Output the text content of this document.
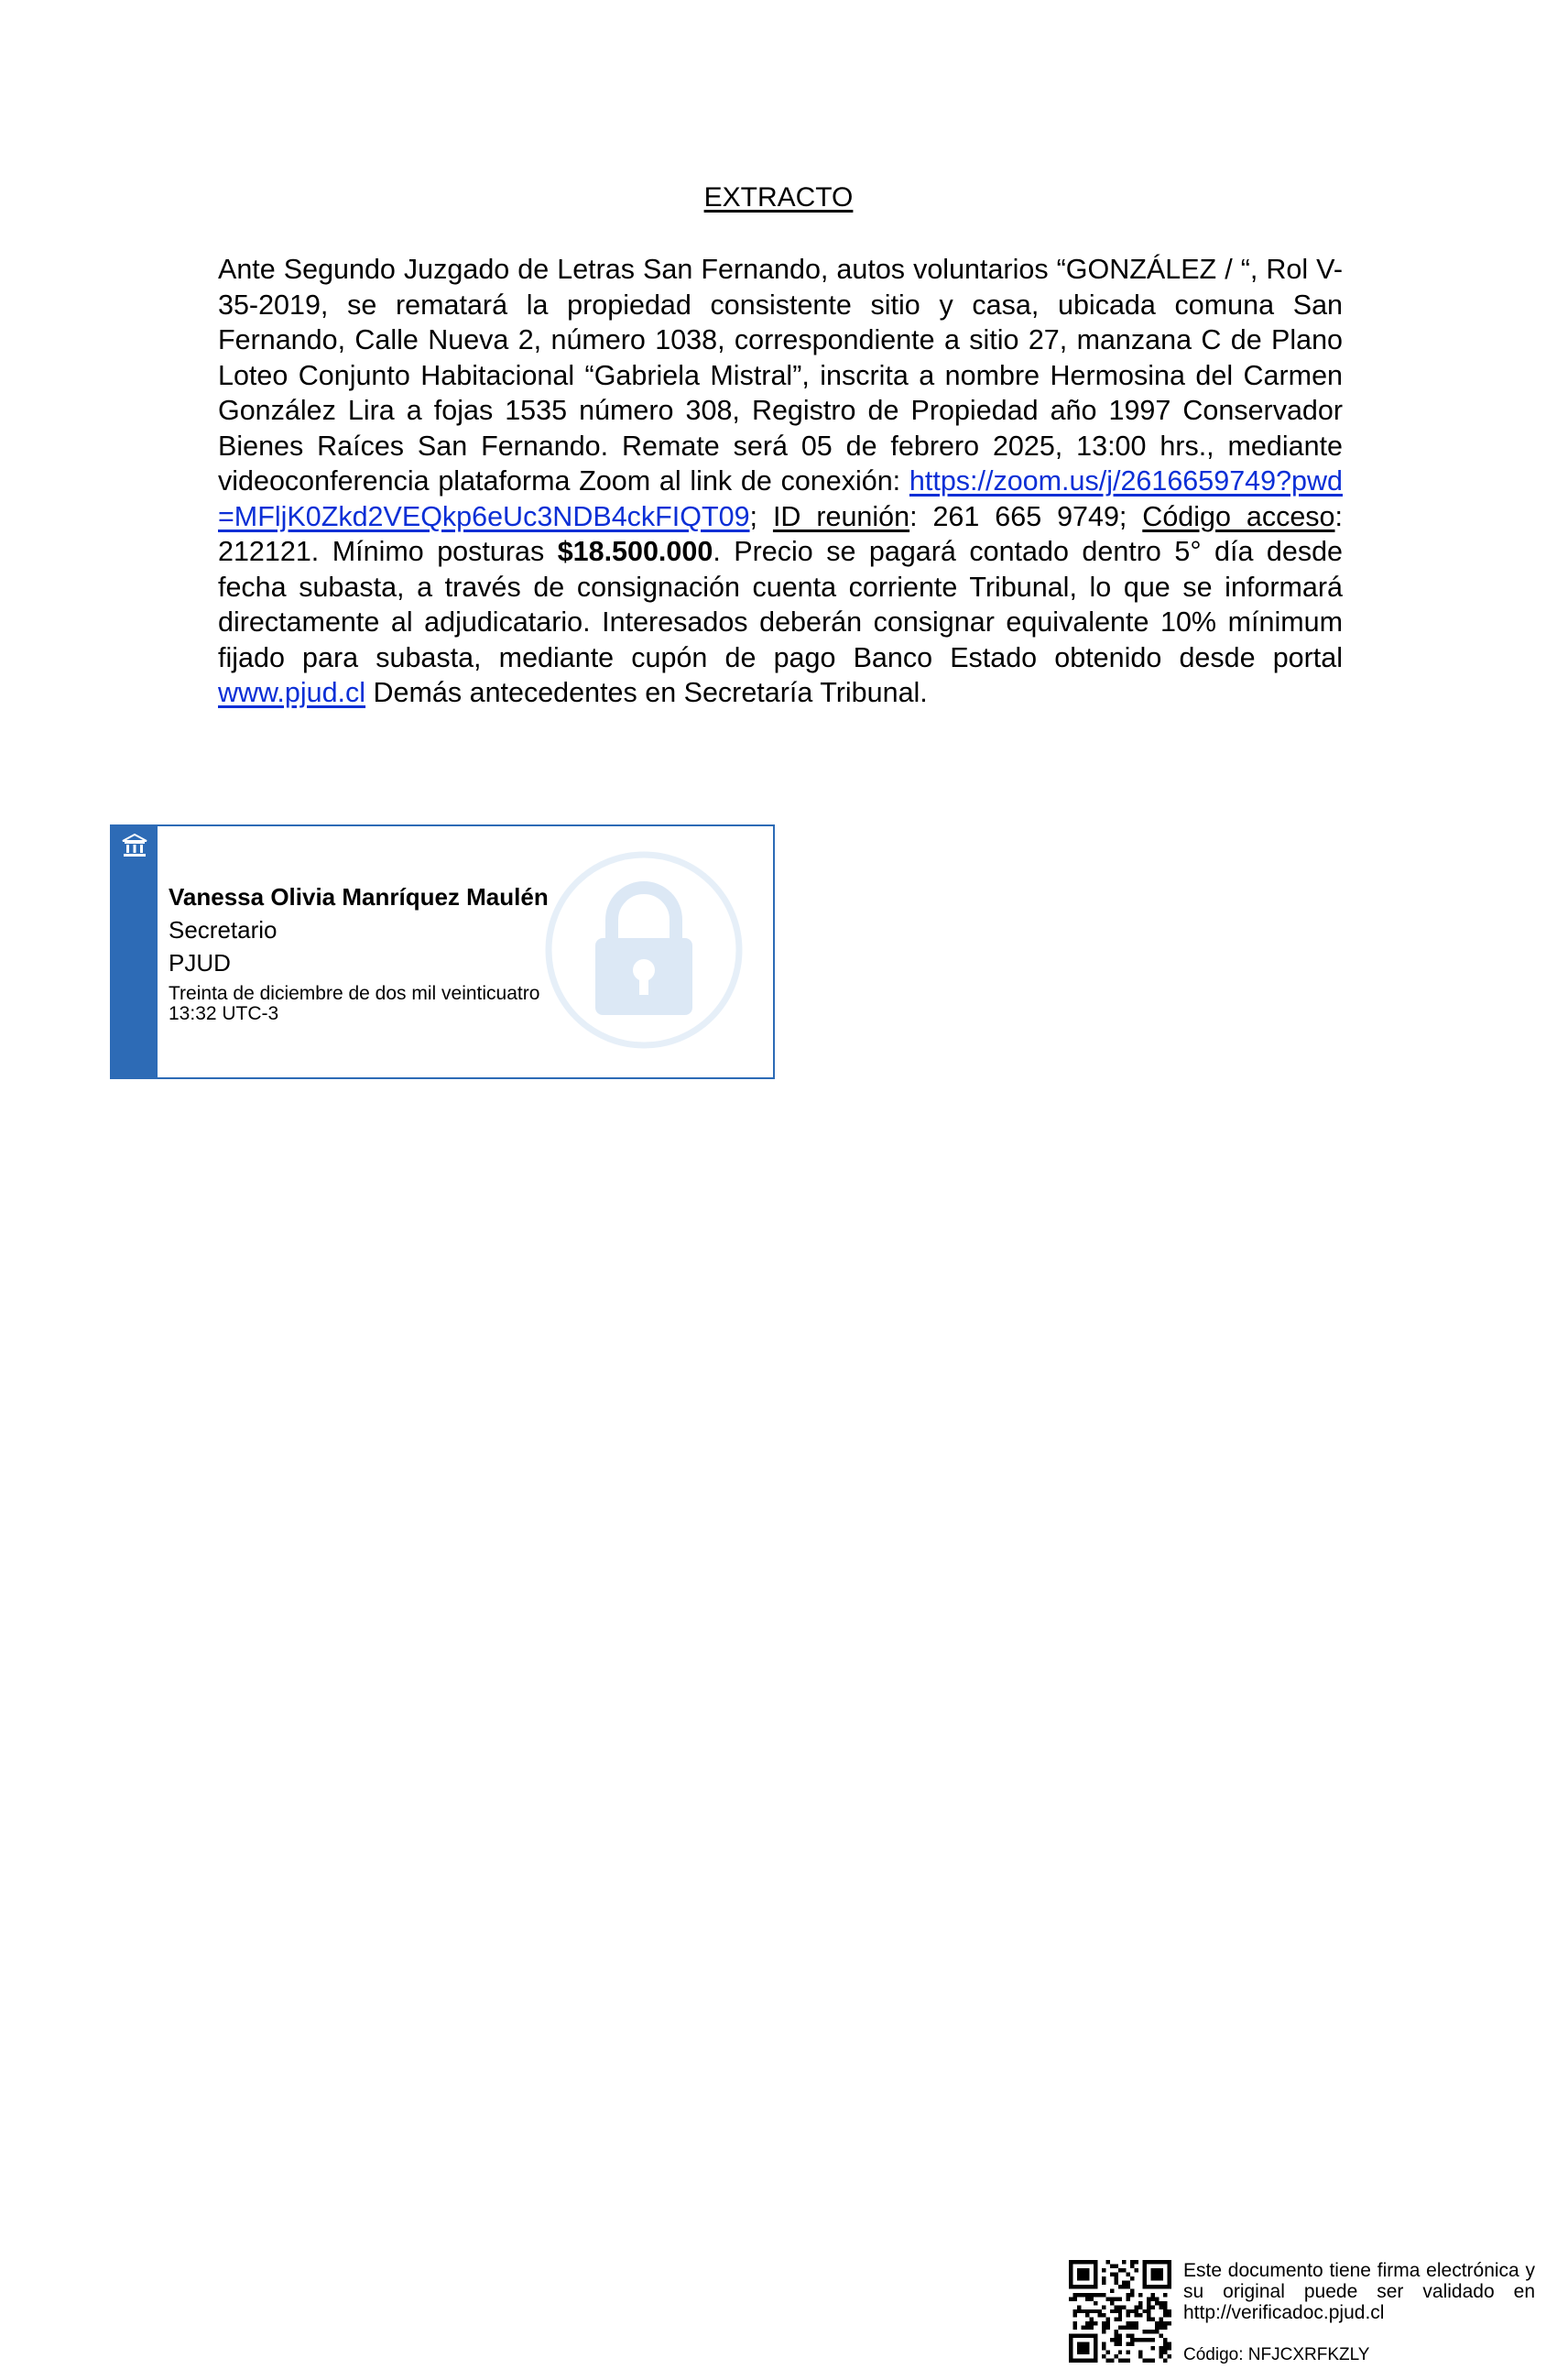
EXTRACTO
Ante Segundo Juzgado de Letras San Fernando, autos voluntarios “GONZÁLEZ / “, Rol V-35-2019, se rematará la propiedad consistente sitio y casa, ubicada comuna San Fernando, Calle Nueva 2, número 1038, correspondiente a sitio 27, manzana C de Plano Loteo Conjunto Habitacional “Gabriela Mistral”, inscrita a nombre Hermosina del Carmen González Lira a fojas 1535 número 308, Registro de Propiedad año 1997 Conservador Bienes Raíces San Fernando. Remate será 05 de febrero 2025, 13:00 hrs., mediante videoconferencia plataforma Zoom al link de conexión: https://zoom.us/j/2616659749?pwd=MFljK0Zkd2VEQkp6eUc3NDB4ckFIQT09; ID reunión: 261 665 9749; Código acceso: 212121. Mínimo posturas $18.500.000. Precio se pagará contado dentro 5° día desde fecha subasta, a través de consignación cuenta corriente Tribunal, lo que se informará directamente al adjudicatario. Interesados deberán consignar equivalente 10% mínimum fijado para subasta, mediante cupón de pago Banco Estado obtenido desde portal www.pjud.cl Demás antecedentes en Secretaría Tribunal.
Vanessa Olivia Manríquez Maulén
Secretario
PJUD
Treinta de diciembre de dos mil veinticuatro
13:32 UTC-3
Este documento tiene firma electrónica y su original puede ser validado en http://verificadoc.pjud.cl
Código: NFJCXRFKZLY
